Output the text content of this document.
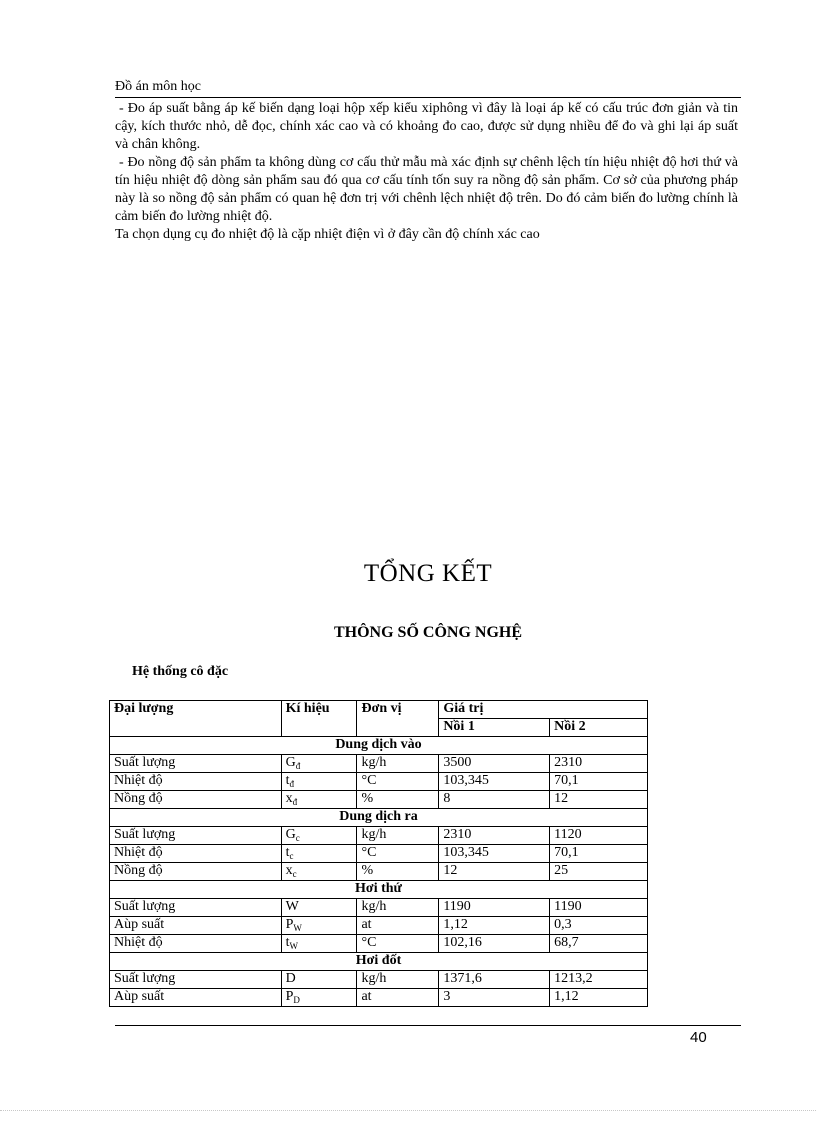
Đồ án môn học

- Đo áp suất bằng áp kế biến dạng loại hộp xếp kiểu xiphông vì đây là loại áp kế có cấu trúc đơn giản và tin cậy, kích thước nhỏ, dễ đọc, chính xác cao và có khoảng đo cao, được sử dụng nhiều để đo và ghi lại áp suất và chân không.

- Đo nồng độ sản phẩm ta không dùng cơ cấu thử mẫu mà xác định sự chênh lệch tín hiệu nhiệt độ hơi thứ và tín hiệu nhiệt độ dòng sản phẩm sau đó qua cơ cấu tính tốn suy ra nồng độ sản phẩm. Cơ sở của phương pháp này là so nồng độ sản phẩm có quan hệ đơn trị với chênh lệch nhiệt độ trên. Do đó cảm biến đo lường chính là cảm biến đo lường nhiệt độ.

Ta chọn dụng cụ đo nhiệt độ là cặp nhiệt điện vì ở đây cần độ chính xác cao

TỔNG KẾT
THÔNG SỐ CÔNG NGHỆ
Hệ thống cô đặc
Đại lượng	Kí hiệu	Đơn vị	Giá trị	
			Nồi 1	Nồi 2
Dung dịch vào				
Suất lượng	$G_đ$	kg/h	3500	2310
Nhiệt độ	$t_đ$	°C	103,345	70,1
Nồng độ	$x_đ$	%	8	12
Dung dịch ra				
Suất lượng	$G_c$	kg/h	2310	1120
Nhiệt độ	$t_c$	°C	103,345	70,1
Nồng độ	$x_c$	%	12	25
Hơi thứ				
Suất lượng	W	kg/h	1190	1190
Aùp suất	$P_W$	at	1,12	0,3
Nhiệt độ	$t_W$	°C	102,16	68,7
Hơi đốt				
Suất lượng	D	kg/h	1371,6	1213,2
Aùp suất	$P_D$	at	3	1,12
40
